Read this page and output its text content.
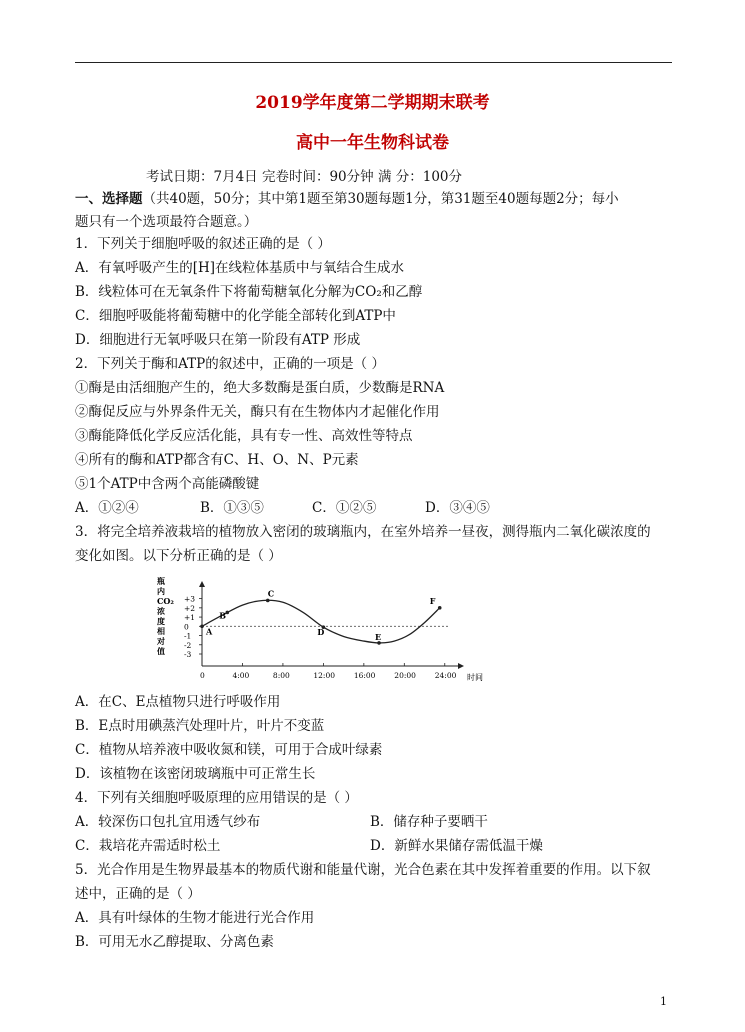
2019学年度第二学期期末联考
高中一年生物科试卷
考试日期：7月4日 完卷时间：90分钟 满 分：100分
一、选择题（共40题，50分；其中第1题至第30题每题1分，第31题至40题每题2分；每小
题只有一个选项最符合题意。）
1．下列关于细胞呼吸的叙述正确的是（ ）
A．有氧呼吸产生的[H]在线粒体基质中与氧结合生成水
B．线粒体可在无氧条件下将葡萄糖氧化分解为CO₂和乙醇
C．细胞呼吸能将葡萄糖中的化学能全部转化到ATP中
D．细胞进行无氧呼吸只在第一阶段有ATP 形成
2．下列关于酶和ATP的叙述中，正确的一项是（ ）
①酶是由活细胞产生的，绝大多数酶是蛋白质，少数酶是RNA
②酶促反应与外界条件无关，酶只有在生物体内才起催化作用
③酶能降低化学反应活化能，具有专一性、高效性等特点
④所有的酶和ATP都含有C、H、O、N、P元素
⑤1个ATP中含两个高能磷酸键
A．①②④	B．①③⑤	C．①②⑤	D．③④⑤
3．将完全培养液栽培的植物放入密闭的玻璃瓶内，在室外培养一昼夜，测得瓶内二氧化碳浓度的
变化如图。以下分析正确的是（ ）
瓶
内
CO₂
浓
度
相
对
值
时间
+3
+2
+1
0
-1
-2
-3
0	4:00	8:00	12:00	16:00	20:00	24:00
A
B
C
D	E
F
A．在C、E点植物只进行呼吸作用
B．E点时用碘蒸汽处理叶片，叶片不变蓝
C．植物从培养液中吸收氮和镁，可用于合成叶绿素
D．该植物在该密闭玻璃瓶中可正常生长
4．下列有关细胞呼吸原理的应用错误的是（ ）
A．较深伤口包扎宜用透气纱布	B．储存种子要晒干
C．栽培花卉需适时松土	D．新鲜水果储存需低温干燥
5．光合作用是生物界最基本的物质代谢和能量代谢，光合色素在其中发挥着重要的作用。以下叙
述中，正确的是（ ）
A．具有叶绿体的生物才能进行光合作用
B．可用无水乙醇提取、分离色素
1
